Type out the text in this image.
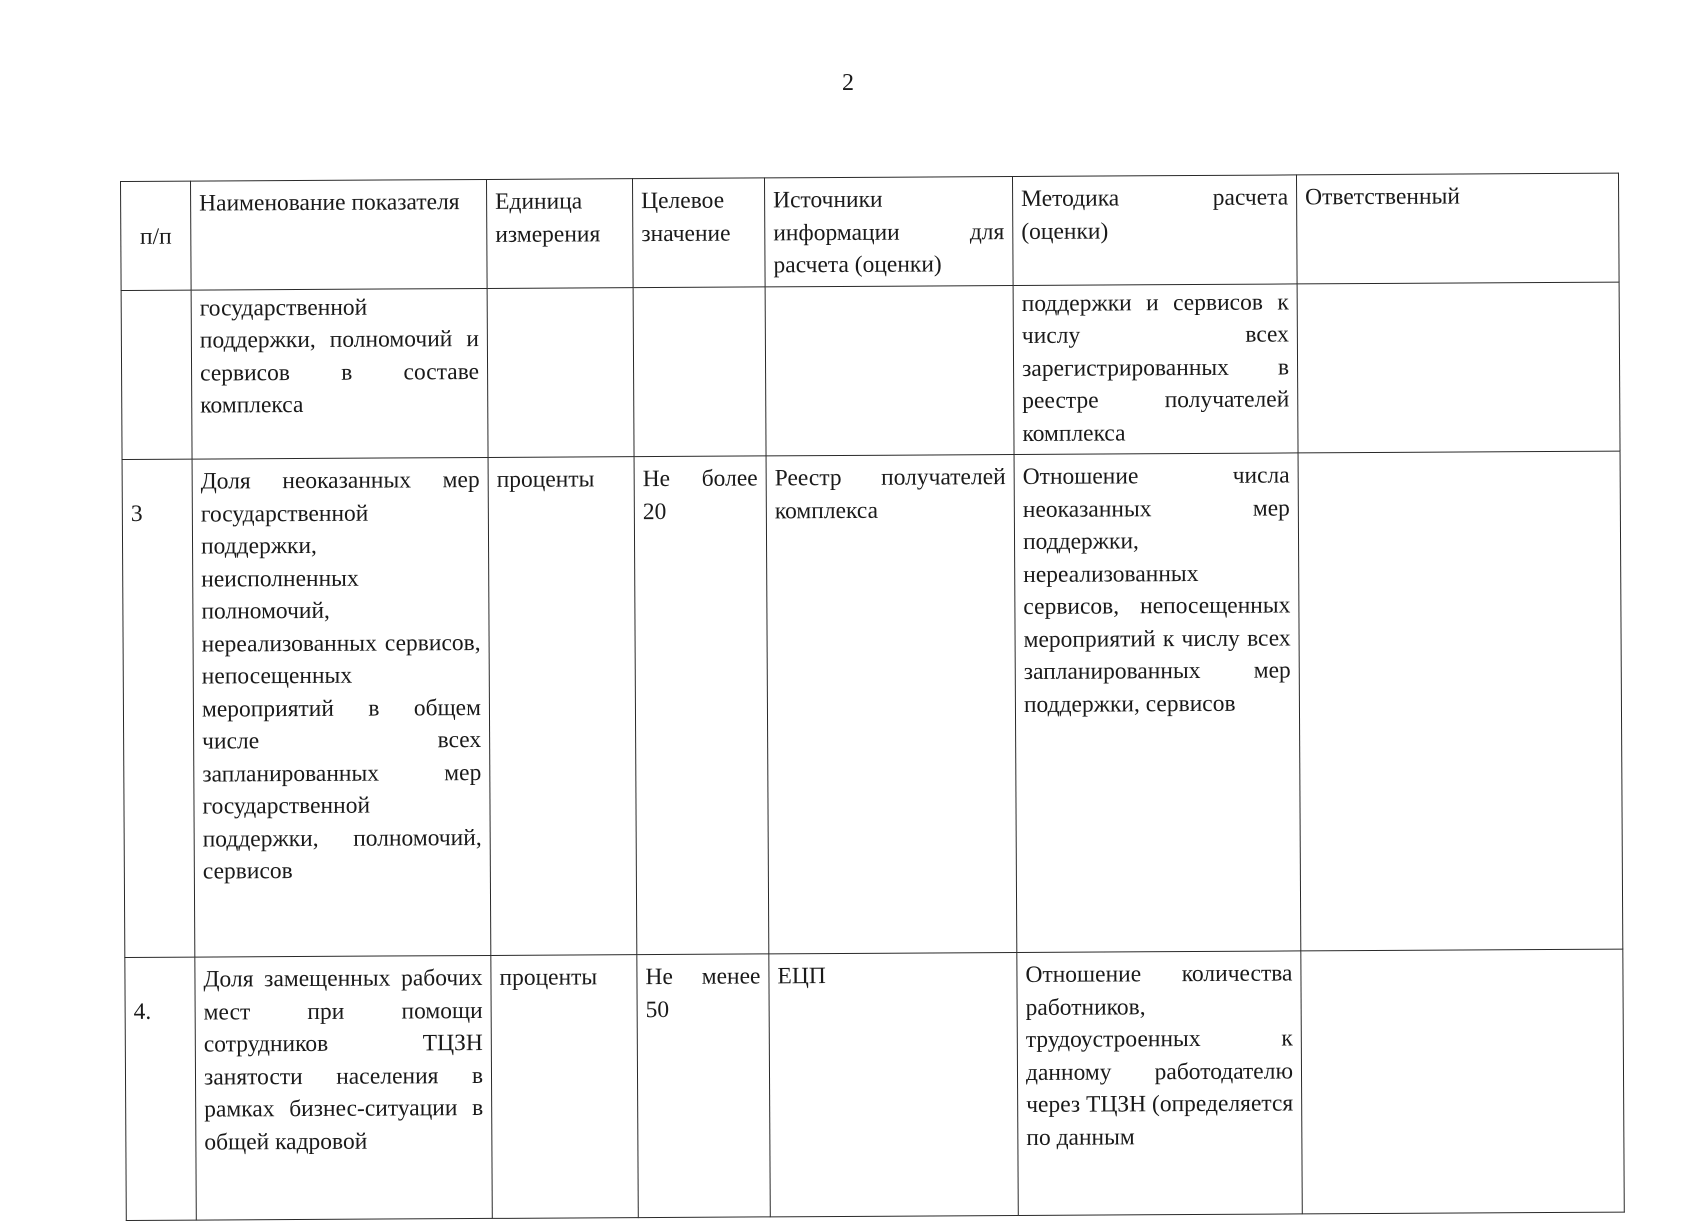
2
п/п	Наименование показателя	Единица измерения	Целевое значение	Источники информации для расчета (оценки)	Методика расчета (оценки)	Ответственный
	государственной поддержки, полномочий и сервисов в составе комплекса				поддержки и сервисов к числу всех зарегистрированных в реестре получателей комплекса	
3	Доля неоказанных мер государственной поддержки, неисполненных полномочий, нереализованных сервисов, непосещенных мероприятий в общем числе всех запланированных мер государственной поддержки, полномочий, сервисов	проценты	Не более 20	Реестр получателей комплекса	Отношение числа неоказанных мер поддержки, нереализованных сервисов, непосещенных мероприятий к числу всех запланированных мер поддержки, сервисов	
4.	Доля замещенных рабочих мест при помощи сотрудников ТЦЗН занятости населения в рамках бизнес-ситуации в общей кадровой	проценты	Не менее 50	ЕЦП	Отношение количества работников, трудоустроенных к данному работодателю через ТЦЗН (определяется по данным	
